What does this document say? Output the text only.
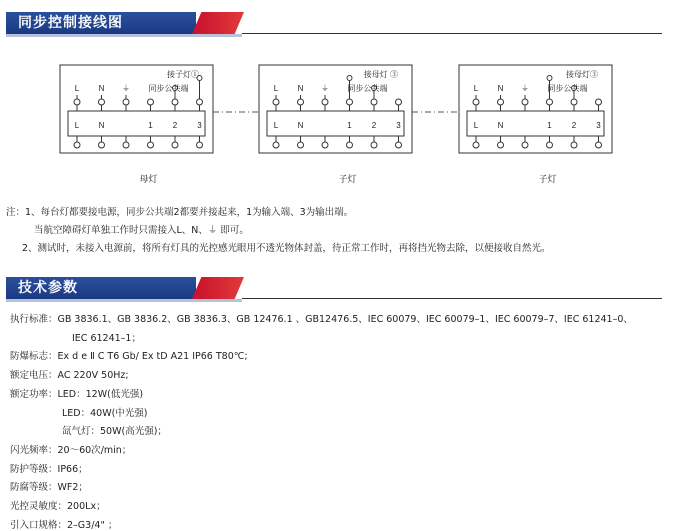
同步控制接线图
L N	1	2	3
L N ⏚
接子灯①
同步公共端
母灯
L N	1	2	3
L N ⏚
接母灯 ③
同步公共端
子灯
L N	1	2	3
L N ⏚
接母灯③
同步公共端
子灯
注：1、每台灯都要接电源，同步公共端2都要并接起来，1为输入端、3为输出端。
当航空障碍灯单独工作时只需接入L、N、⏚ 即可。
2、测试时，未接入电源前，将所有灯具的光控感光眼用不透光物体封盖，待正常工作时，再将挡光物去除，以便接收自然光。
技术参数
执行标准：GB 3836.1、GB 3836.2、GB 3836.3、GB 12476.1 、GB12476.5、IEC 60079、IEC 60079–1、IEC 60079–7、IEC 61241–0、
IEC 61241–1；
防爆标志：Ex d e Ⅱ C T6 Gb/ Ex tD A21 IP66 T80℃;
额定电压：AC 220V 50Hz;
额定功率：LED：12W(低光强)
LED：40W(中光强)
氙气灯：50W(高光强)；
闪光频率：20～60次/min；
防护等级：IP66；
防腐等级：WF2；
光控灵敏度：200Lx；
引入口规格：2–G3/4" ；
